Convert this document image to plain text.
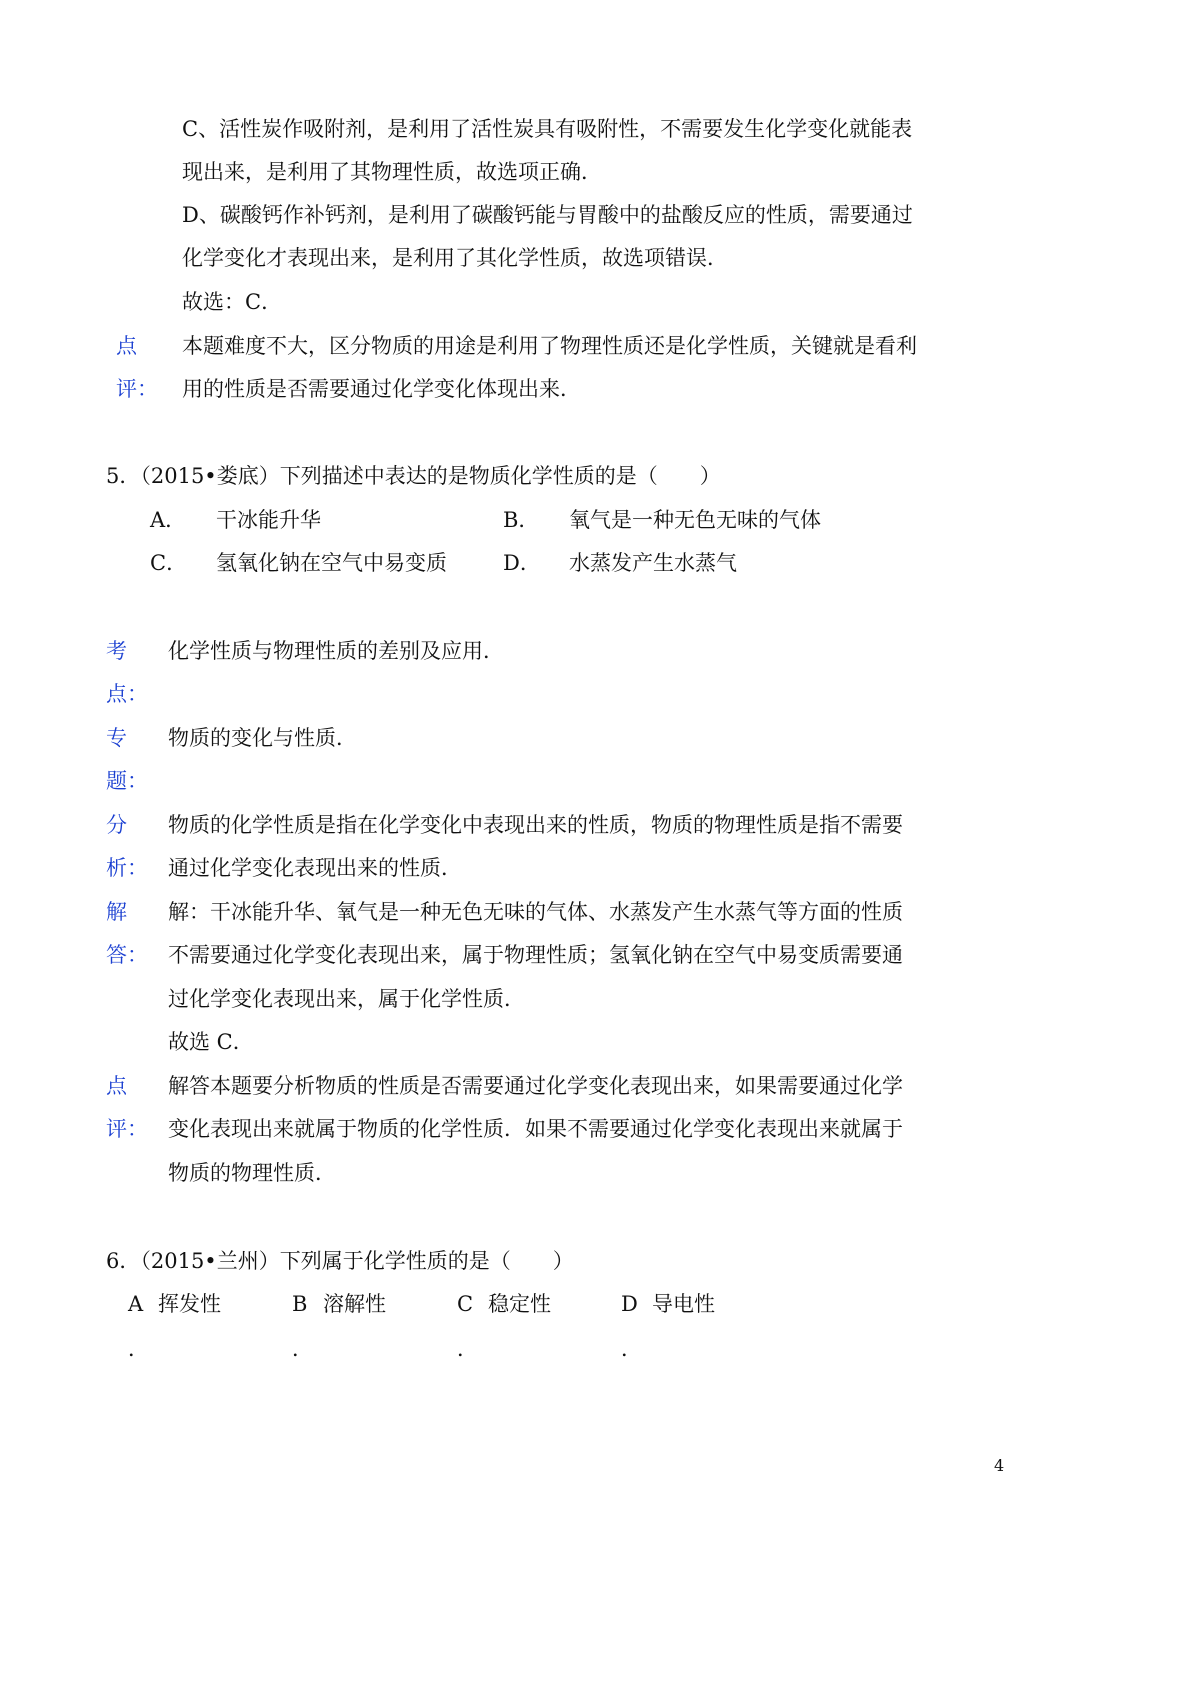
C、活性炭作吸附剂，是利用了活性炭具有吸附性，不需要发生化学变化就能表
现出来，是利用了其物理性质，故选项正确．
D、碳酸钙作补钙剂，是利用了碳酸钙能与胃酸中的盐酸反应的性质，需要通过
化学变化才表现出来，是利用了其化学性质，故选项错误．
故选：C．
点
评：
本题难度不大，区分物质的用途是利用了物理性质还是化学性质，关键就是看利
用的性质是否需要通过化学变化体现出来．
5．（2015•娄底）下列描述中表达的是物质化学性质的是（　　）
A． 干冰能升华	B． 氧气是一种无色无味的气体
C． 氢氧化钠在空气中易变质	D． 水蒸发产生水蒸气
考
点：
化学性质与物理性质的差别及应用．
专
题：
物质的变化与性质．
分
析：
物质的化学性质是指在化学变化中表现出来的性质，物质的物理性质是指不需要
通过化学变化表现出来的性质．
解
答：
解：干冰能升华、氧气是一种无色无味的气体、水蒸发产生水蒸气等方面的性质
不需要通过化学变化表现出来，属于物理性质；氢氧化钠在空气中易变质需要通
过化学变化表现出来，属于化学性质．
故选 C．
点
评：
解答本题要分析物质的性质是否需要通过化学变化表现出来，如果需要通过化学
变化表现出来就属于物质的化学性质．如果不需要通过化学变化表现出来就属于
物质的物理性质．
6．（2015•兰州）下列属于化学性质的是（　　）
A 挥发性
．
B 溶解性
．
C 稳定性
．
D 导电性
．
4
